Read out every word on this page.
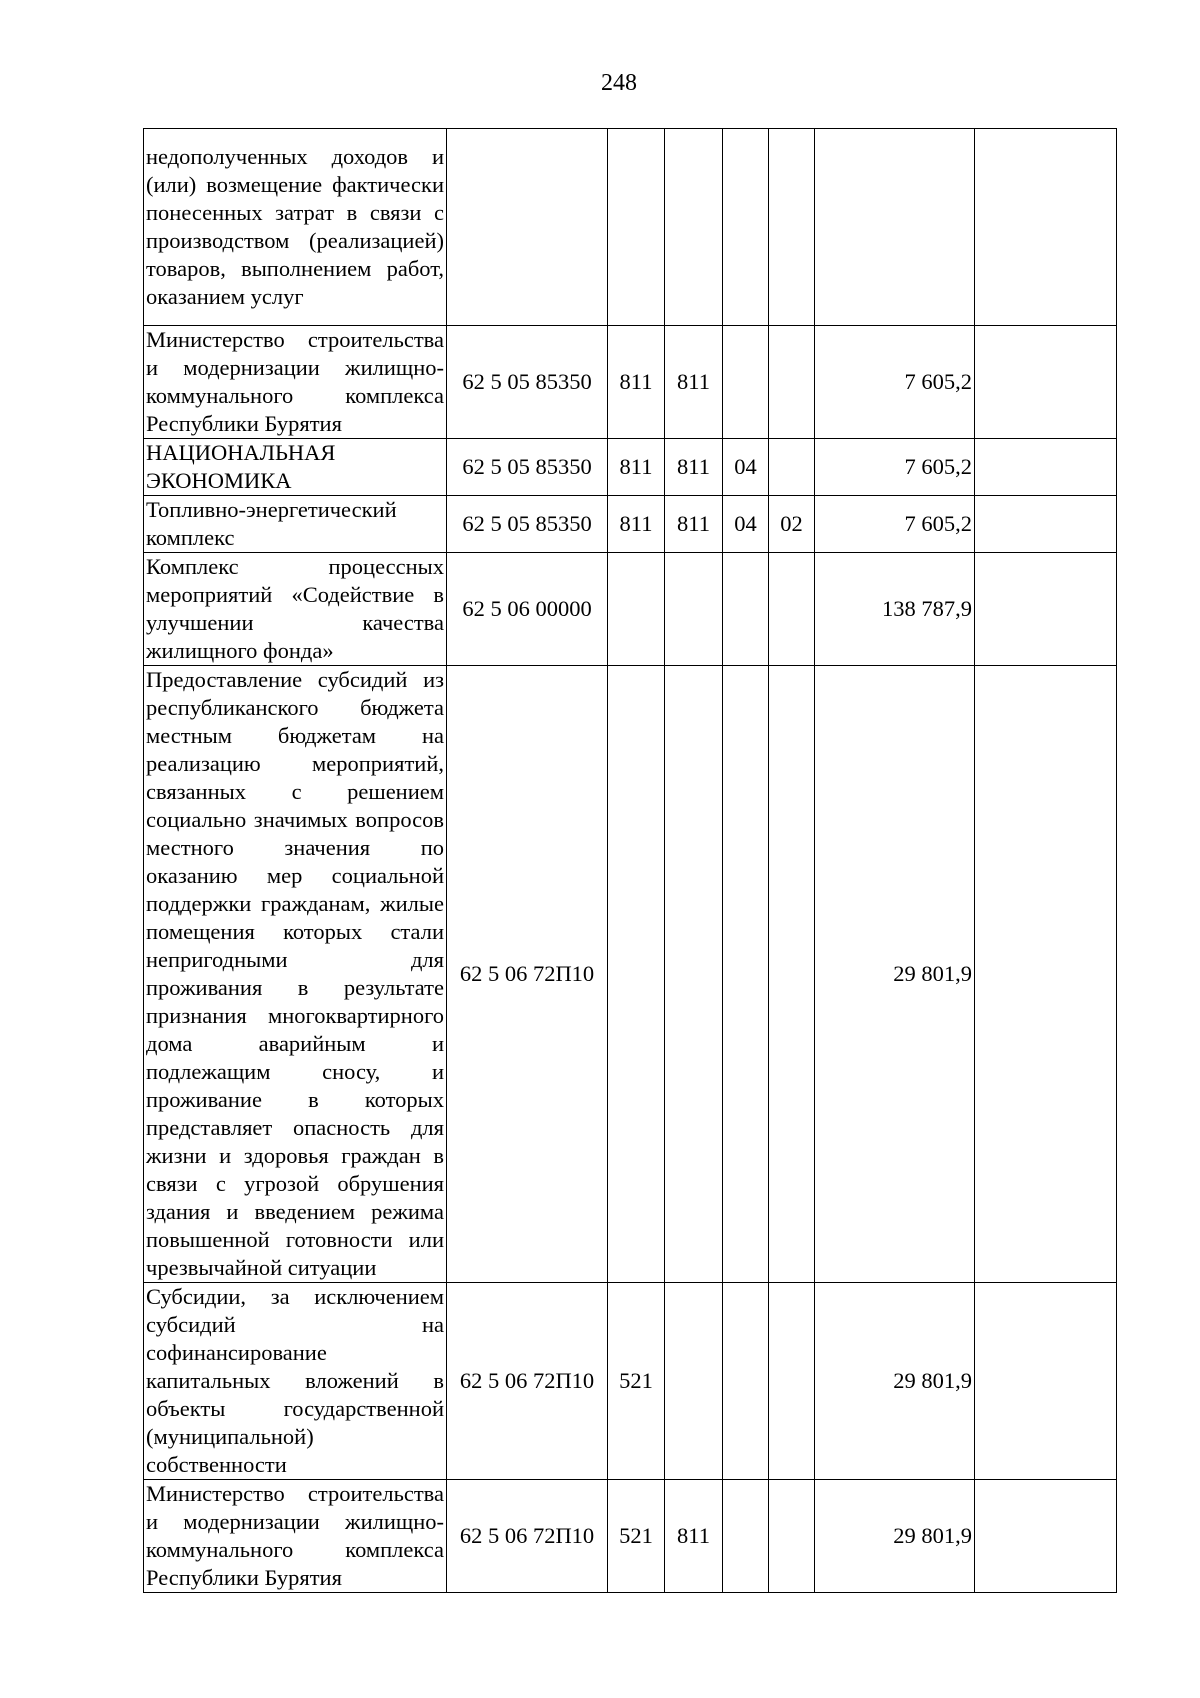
248
недополученных доходов и (или) возмещение фактически понесенных затрат в связи с производством (реализацией) товаров, выполнением работ, оказанием услуг							
Министерство строительства и модернизации жилищно-коммунального комплекса Республики Бурятия	62 5 05 85350	811	811			7 605,2	
НАЦИОНАЛЬНАЯ ЭКОНОМИКА	62 5 05 85350	811	811	04		7 605,2	
Топливно-энергетический комплекс	62 5 05 85350	811	811	04	02	7 605,2	
Комплекс процессных мероприятий «Содействие в улучшении качества жилищного фонда»	62 5 06 00000					138 787,9	
Предоставление субсидий из республиканского бюджета местным бюджетам на реализацию мероприятий, связанных с решением социально значимых вопросов местного значения по оказанию мер социальной поддержки гражданам, жилые помещения которых стали непригодными для проживания в результате признания многоквартирного дома аварийным и подлежащим сносу, и проживание в которых представляет опасность для жизни и здоровья граждан в связи с угрозой обрушения здания и введением режима повышенной готовности или чрезвычайной ситуации	62 5 06 72П10					29 801,9	
Субсидии, за исключением субсидий на софинансирование капитальных вложений в объекты государственной (муниципальной) собственности	62 5 06 72П10	521				29 801,9	
Министерство строительства и модернизации жилищно-коммунального комплекса Республики Бурятия	62 5 06 72П10	521	811			29 801,9	
